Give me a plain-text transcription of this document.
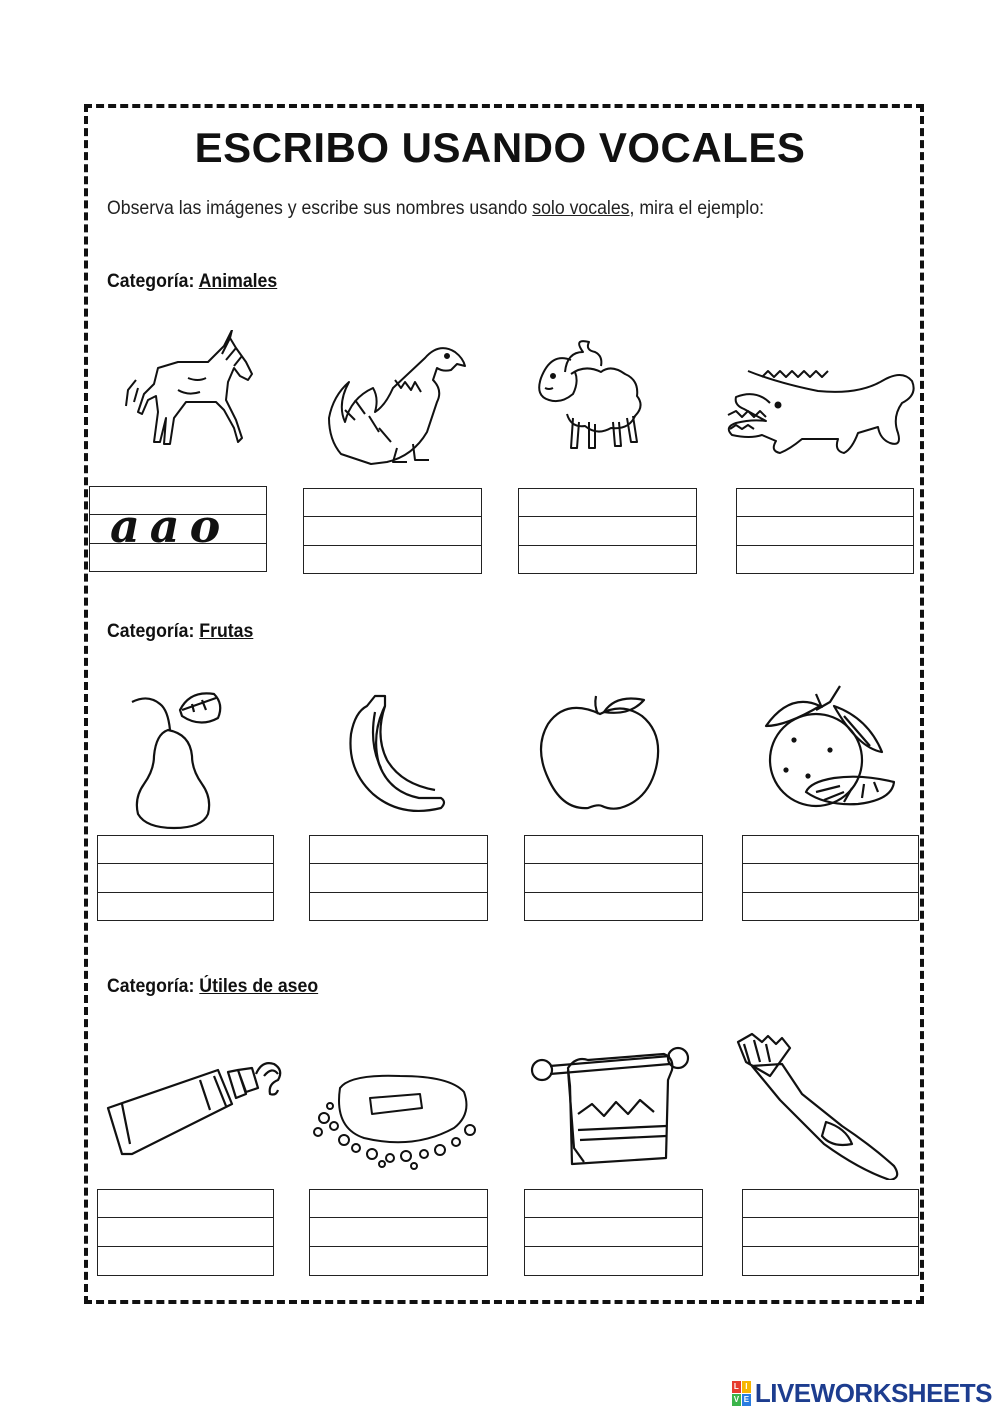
ESCRIBO USANDO VOCALES
Observa las imágenes y escribe sus nombres usando solo vocales, mira el ejemplo:
Categoría: Animales
aao
Categoría: Frutas
Categoría: Útiles de aseo
L I
V E LIVEWORKSHEETS
